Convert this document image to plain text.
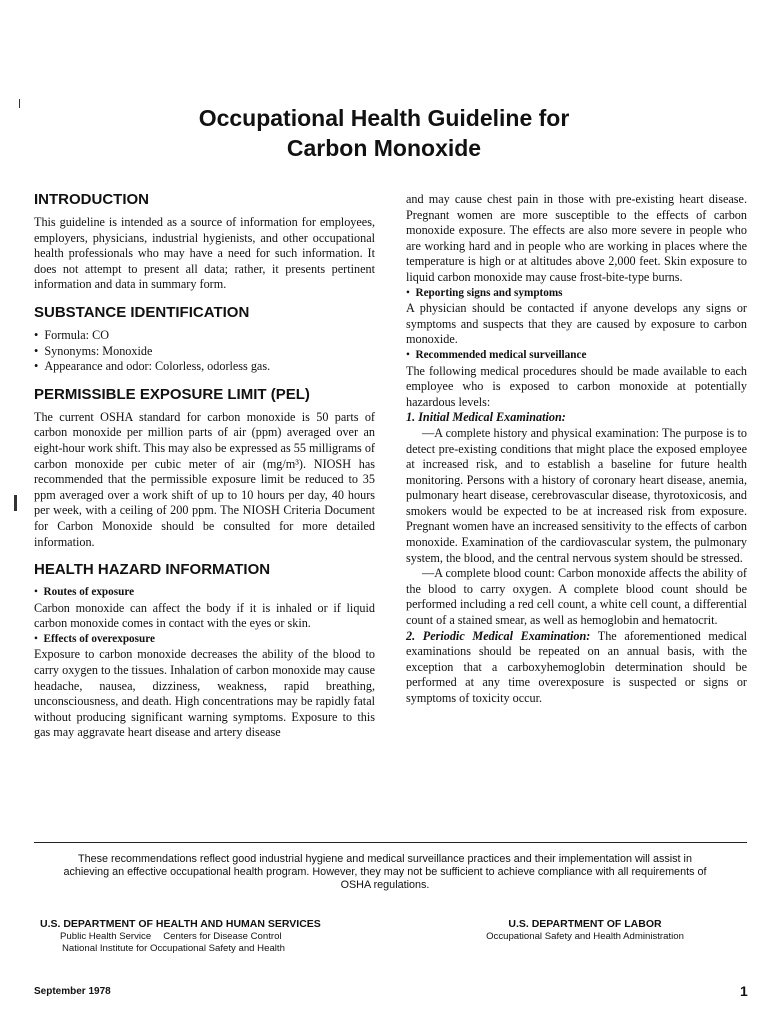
Occupational Health Guideline for
Carbon Monoxide
INTRODUCTION

This guideline is intended as a source of information for employees, employers, physicians, industrial hygienists, and other occupational health professionals who may have a need for such information. It does not attempt to present all data; rather, it presents pertinent information and data in summary form.

SUBSTANCE IDENTIFICATION
•  Formula: CO
•  Synonyms: Monoxide
•  Appearance and odor: Colorless, odorless gas.
PERMISSIBLE EXPOSURE LIMIT (PEL)

The current OSHA standard for carbon monoxide is 50 parts of carbon monoxide per million parts of air (ppm) averaged over an eight-hour work shift. This may also be expressed as 55 milligrams of carbon monoxide per cubic meter of air (mg/m³). NIOSH has recommended that the permissible exposure limit be reduced to 35 ppm averaged over a work shift of up to 10 hours per day, 40 hours per week, with a ceiling of 200 ppm. The NIOSH Criteria Document for Carbon Monoxide should be consulted for more detailed information.

HEALTH HAZARD INFORMATION
•  Routes of exposure

Carbon monoxide can affect the body if it is inhaled or if liquid carbon monoxide comes in contact with the eyes or skin.

•  Effects of overexposure

Exposure to carbon monoxide decreases the ability of the blood to carry oxygen to the tissues. Inhalation of carbon monoxide may cause headache, nausea, dizziness, weakness, rapid breathing, unconsciousness, and death. High concentrations may be rapidly fatal without producing significant warning symptoms. Exposure to this gas may aggravate heart disease and artery disease

and may cause chest pain in those with pre-existing heart disease. Pregnant women are more susceptible to the effects of carbon monoxide exposure. The effects are also more severe in people who are working hard and in people who are working in places where the temperature is high or at altitudes above 2,000 feet. Skin exposure to liquid carbon monoxide may cause frost-bite-type burns.

•  Reporting signs and symptoms

A physician should be contacted if anyone develops any signs or symptoms and suspects that they are caused by exposure to carbon monoxide.

•  Recommended medical surveillance

The following medical procedures should be made available to each employee who is exposed to carbon monoxide at potentially hazardous levels:

1. Initial Medical Examination:

—A complete history and physical examination: The purpose is to detect pre-existing conditions that might place the exposed employee at increased risk, and to establish a baseline for future health monitoring. Persons with a history of coronary heart disease, anemia, pulmonary heart disease, cerebrovascular disease, thyrotoxicosis, and smokers would be expected to be at increased risk from exposure. Pregnant women have an increased sensitivity to the effects of carbon monoxide. Examination of the cardiovascular system, the pulmonary system, the blood, and the central nervous system should be stressed.

—A complete blood count: Carbon monoxide affects the ability of the blood to carry oxygen. A complete blood count should be performed including a red cell count, a white cell count, a differential count of a stained smear, as well as hemoglobin and hematocrit.

2. Periodic Medical Examination: The aforementioned medical examinations should be repeated on an annual basis, with the exception that a carboxyhemoglobin determination should be performed at any time overexposure is suspected or signs or symptoms of toxicity occur.

These recommendations reflect good industrial hygiene and medical surveillance practices and their implementation will assist in achieving an effective occupational health program. However, they may not be sufficient to achieve compliance with all requirements of OSHA regulations.
U.S. DEPARTMENT OF HEALTH AND HUMAN SERVICES
Public Health Service Centers for Disease Control
National Institute for Occupational Safety and Health
U.S. DEPARTMENT OF LABOR
Occupational Safety and Health Administration
September 1978	1
